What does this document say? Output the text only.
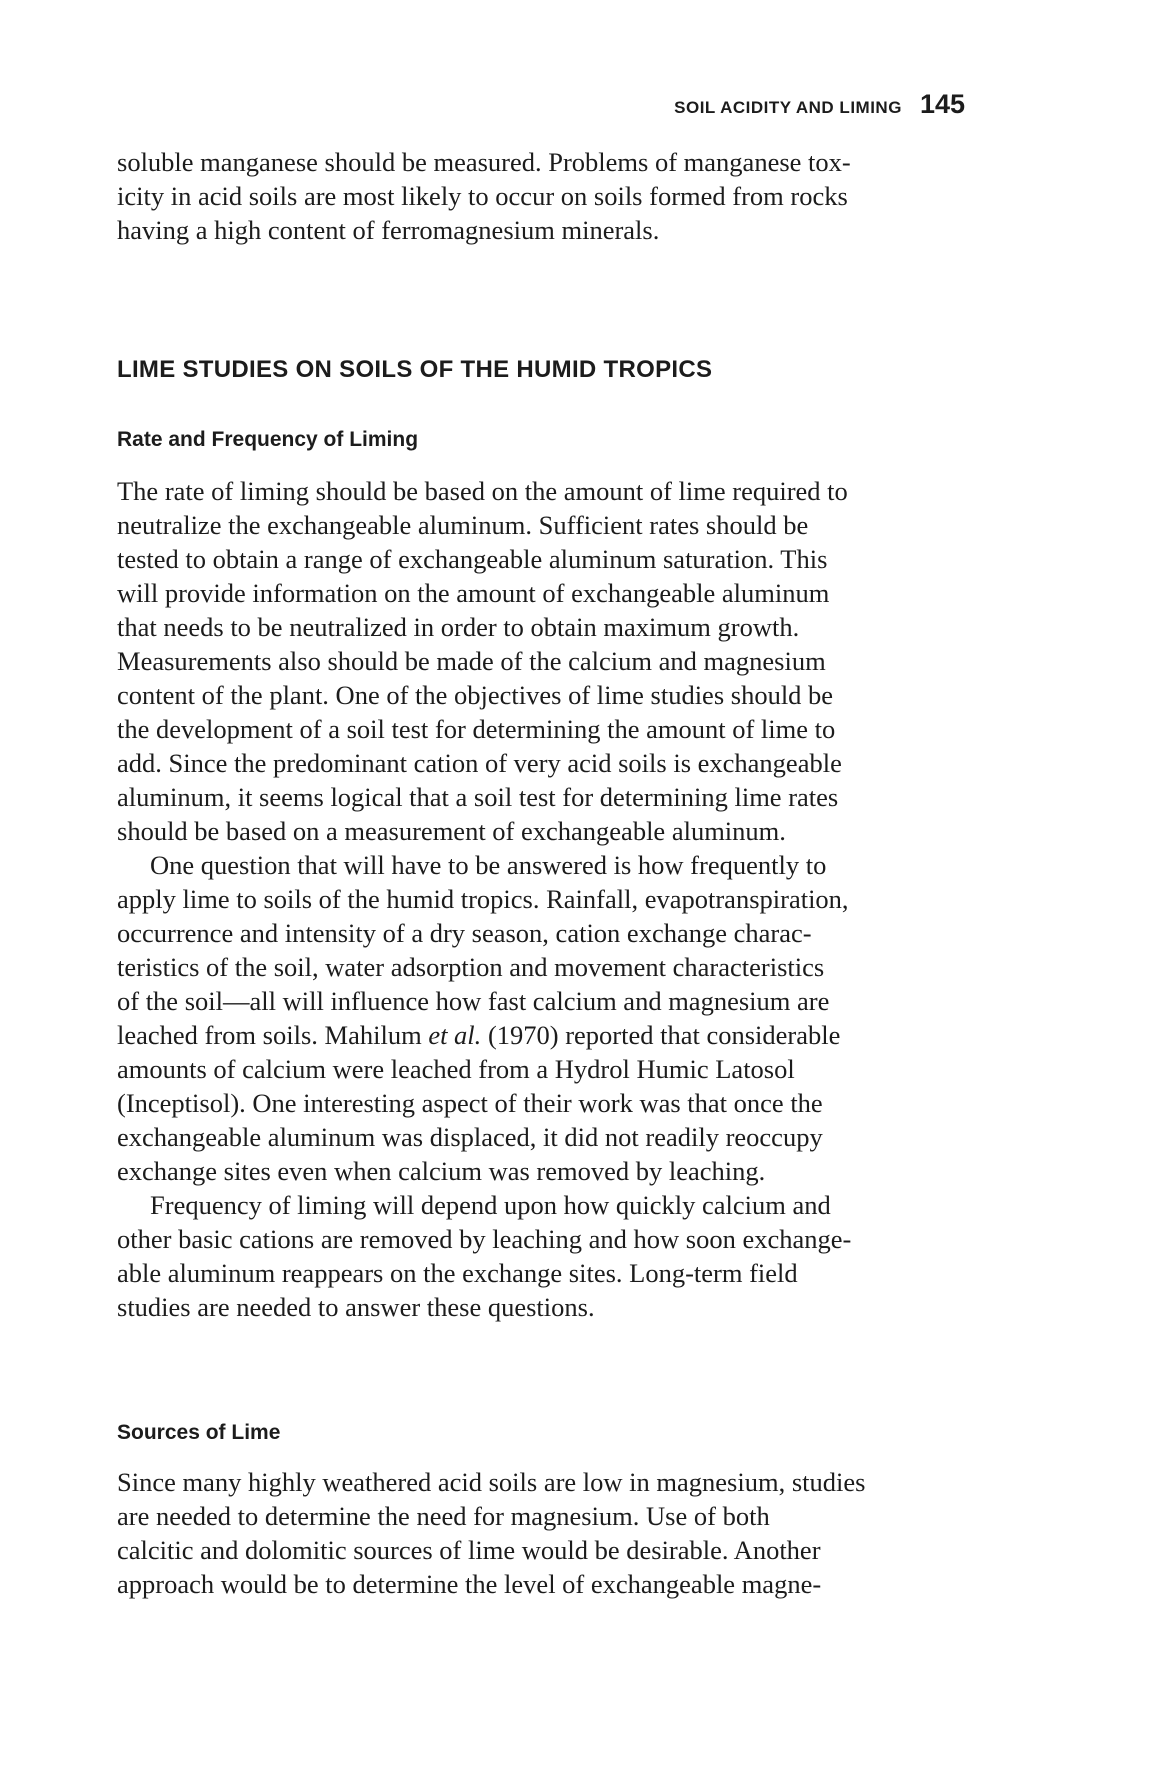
SOIL ACIDITY AND LIMING 145

soluble manganese should be measured. Problems of manganese tox-
icity in acid soils are most likely to occur on soils formed from rocks
having a high content of ferromagnesium minerals.

LIME STUDIES ON SOILS OF THE HUMID TROPICS
Rate and Frequency of Liming
The rate of liming should be based on the amount of lime required to
neutralize the exchangeable aluminum. Sufficient rates should be
tested to obtain a range of exchangeable aluminum saturation. This
will provide information on the amount of exchangeable aluminum
that needs to be neutralized in order to obtain maximum growth.
Measurements also should be made of the calcium and magnesium
content of the plant. One of the objectives of lime studies should be
the development of a soil test for determining the amount of lime to
add. Since the predominant cation of very acid soils is exchangeable
aluminum, it seems logical that a soil test for determining lime rates
should be based on a measurement of exchangeable aluminum.
One question that will have to be answered is how frequently to
apply lime to soils of the humid tropics. Rainfall, evapotranspiration,
occurrence and intensity of a dry season, cation exchange charac-
teristics of the soil, water adsorption and movement characteristics
of the soil—all will influence how fast calcium and magnesium are
leached from soils. Mahilum et al. (1970) reported that considerable
amounts of calcium were leached from a Hydrol Humic Latosol
(Inceptisol). One interesting aspect of their work was that once the
exchangeable aluminum was displaced, it did not readily reoccupy
exchange sites even when calcium was removed by leaching.
Frequency of liming will depend upon how quickly calcium and
other basic cations are removed by leaching and how soon exchange-
able aluminum reappears on the exchange sites. Long-term field
studies are needed to answer these questions.
Sources of Lime
Since many highly weathered acid soils are low in magnesium, studies
are needed to determine the need for magnesium. Use of both
calcitic and dolomitic sources of lime would be desirable. Another
approach would be to determine the level of exchangeable magne-
